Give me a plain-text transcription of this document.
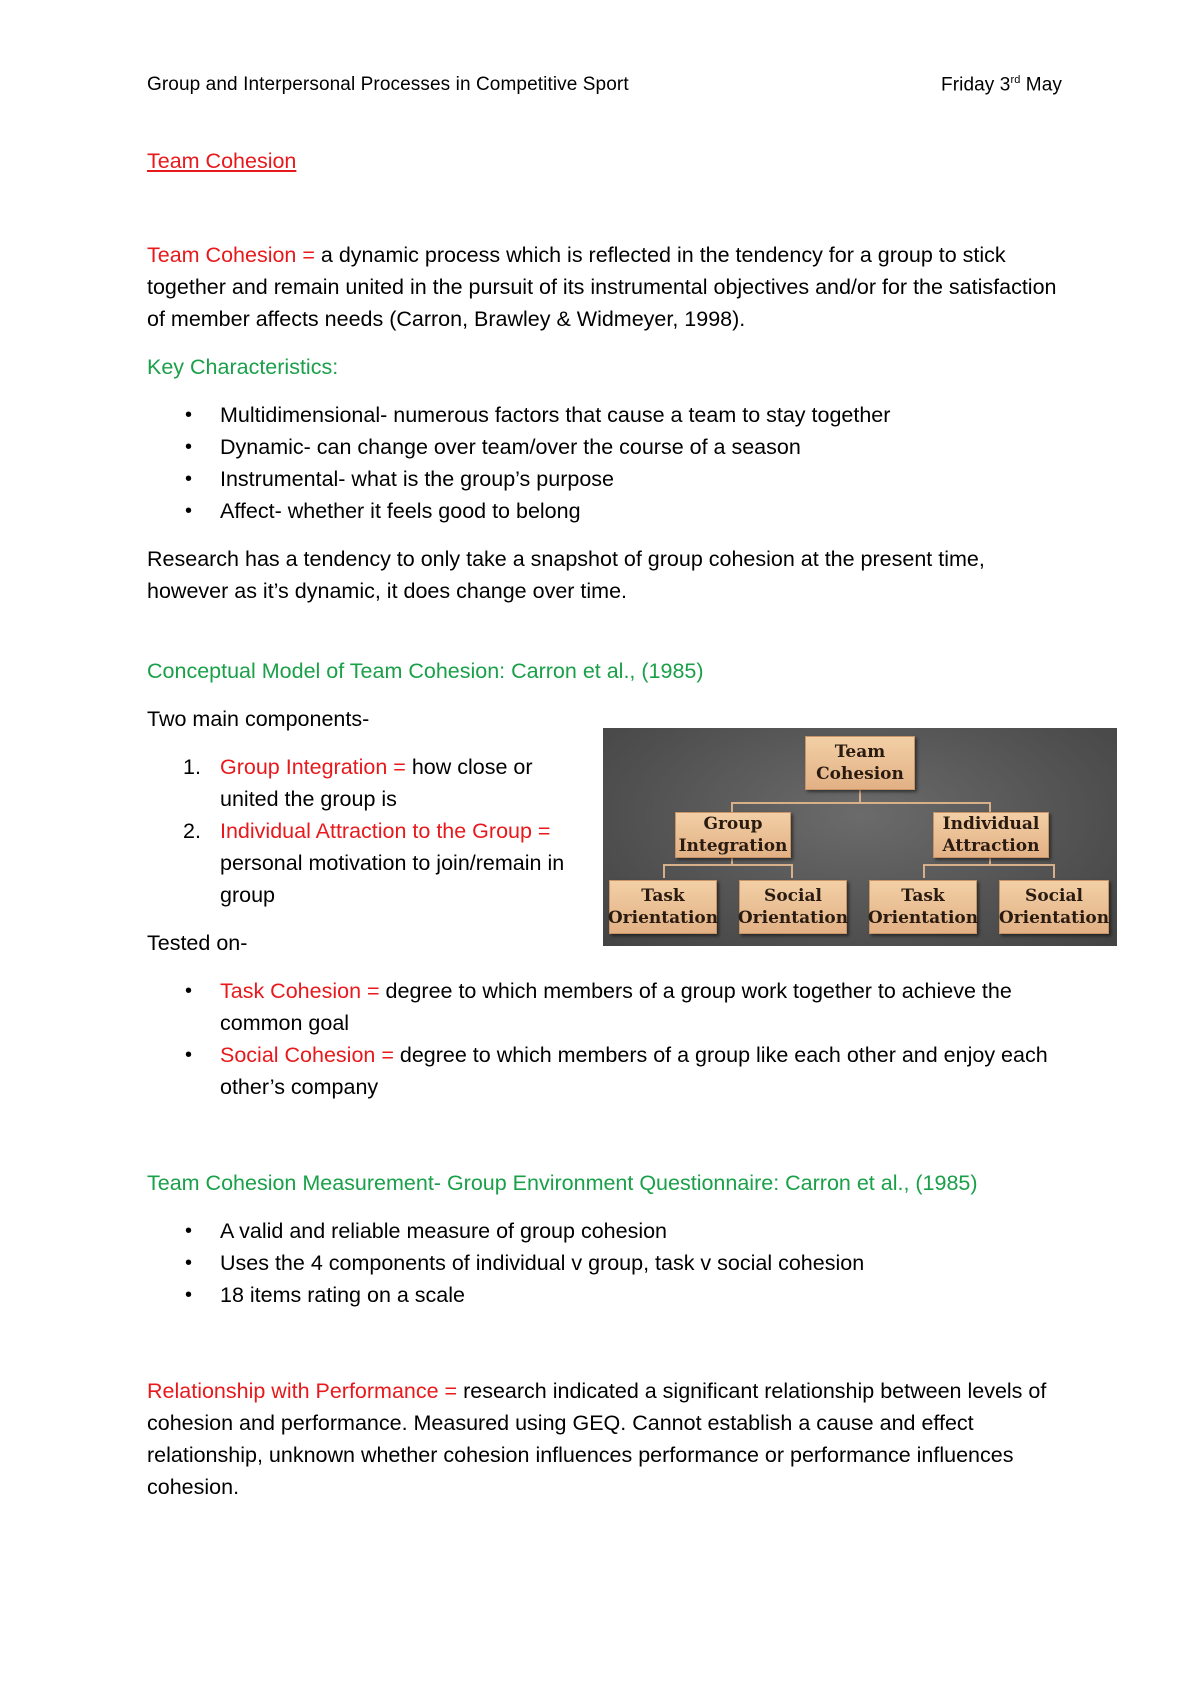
Group and Interpersonal Processes in Competitive Sport	Friday 3rd May

Team Cohesion

Team Cohesion = a dynamic process which is reflected in the tendency for a group to stick together and remain united in the pursuit of its instrumental objectives and/or for the satisfaction of member affects needs (Carron, Brawley & Widmeyer, 1998).

Key Characteristics:

• Multidimensional- numerous factors that cause a team to stay together
• Dynamic- can change over team/over the course of a season
• Instrumental- what is the group’s purpose
• Affect- whether it feels good to belong

Research has a tendency to only take a snapshot of group cohesion at the present time, however as it’s dynamic, it does change over time.

Conceptual Model of Team Cohesion: Carron et al., (1985)

Two main components-

1. Group Integration = how close or united the group is
2. Individual Attraction to the Group = personal motivation to join/remain in group

Tested on-

• Task Cohesion = degree to which members of a group work together to achieve the common goal
• Social Cohesion = degree to which members of a group like each other and enjoy each other’s company

Team Cohesion Measurement- Group Environment Questionnaire: Carron et al., (1985)

• A valid and reliable measure of group cohesion
• Uses the 4 components of individual v group, task v social cohesion
• 18 items rating on a scale

Relationship with Performance = research indicated a significant relationship between levels of cohesion and performance. Measured using GEQ. Cannot establish a cause and effect relationship, unknown whether cohesion influences performance or performance influences cohesion.

Team
Cohesion
Group
Integration
Individual
Attraction
Task
Orientation
Social
Orientation
Task
Orientation
Social
Orientation
